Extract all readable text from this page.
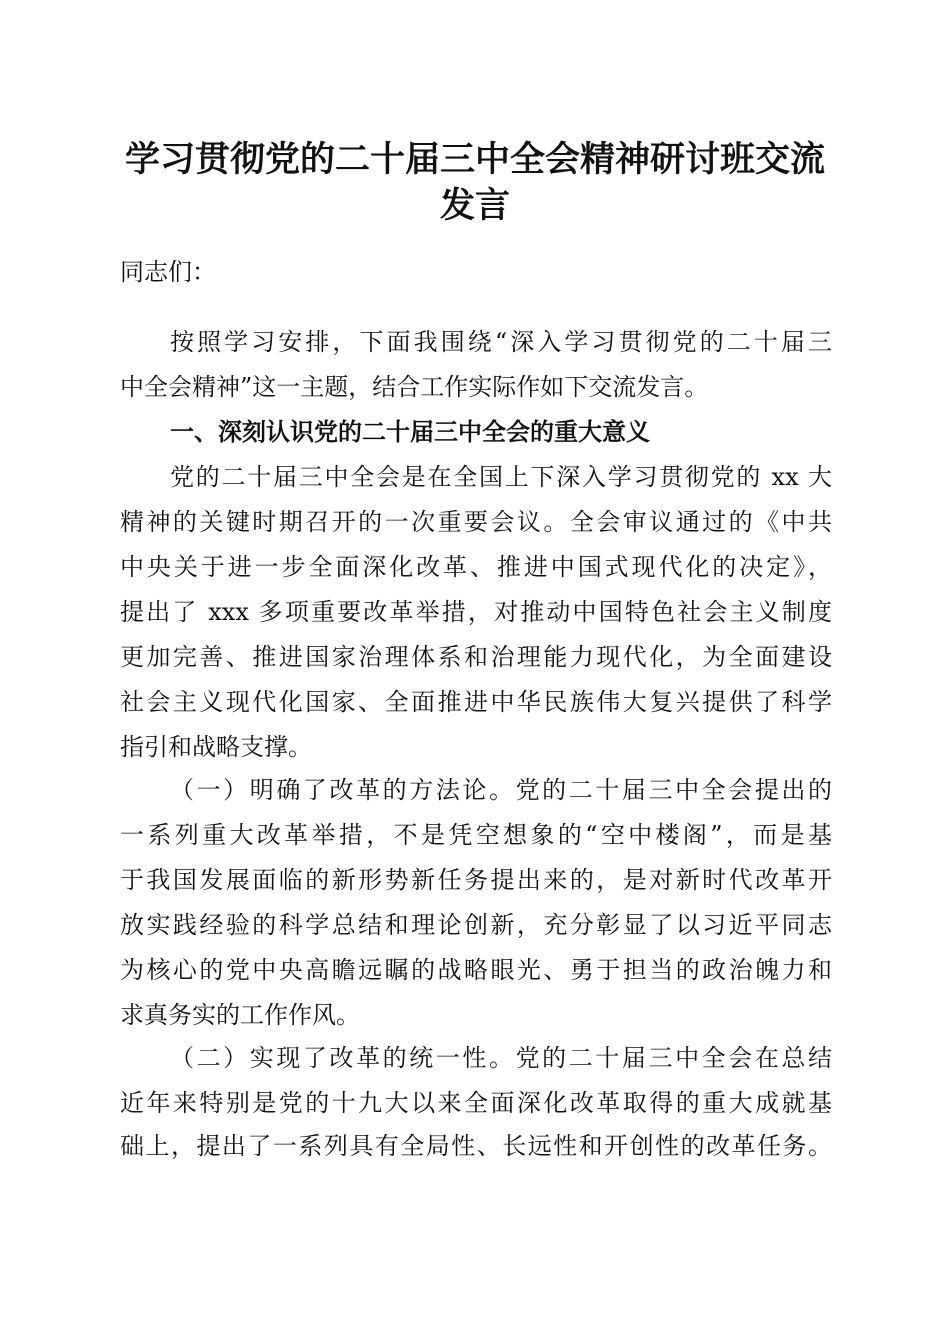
学习贯彻党的二十届三中全会精神研讨班交流
发言
同志们：
按照学习安排，下面我围绕“深入学习贯彻党的二十届三
中全会精神”这一主题，结合工作实际作如下交流发言。
一、深刻认识党的二十届三中全会的重大意义
党的二十届三中全会是在全国上下深入学习贯彻党的 xx 大
精神的关键时期召开的一次重要会议。全会审议通过的《中共
中央关于进一步全面深化改革、推进中国式现代化的决定》，
提出了 xxx 多项重要改革举措，对推动中国特色社会主义制度
更加完善、推进国家治理体系和治理能力现代化，为全面建设
社会主义现代化国家、全面推进中华民族伟大复兴提供了科学
指引和战略支撑。
（一）明确了改革的方法论。党的二十届三中全会提出的
一系列重大改革举措，不是凭空想象的“空中楼阁”，而是基
于我国发展面临的新形势新任务提出来的，是对新时代改革开
放实践经验的科学总结和理论创新，充分彰显了以习近平同志
为核心的党中央高瞻远瞩的战略眼光、勇于担当的政治魄力和
求真务实的工作作风。
（二）实现了改革的统一性。党的二十届三中全会在总结
近年来特别是党的十九大以来全面深化改革取得的重大成就基
础上，提出了一系列具有全局性、长远性和开创性的改革任务。
